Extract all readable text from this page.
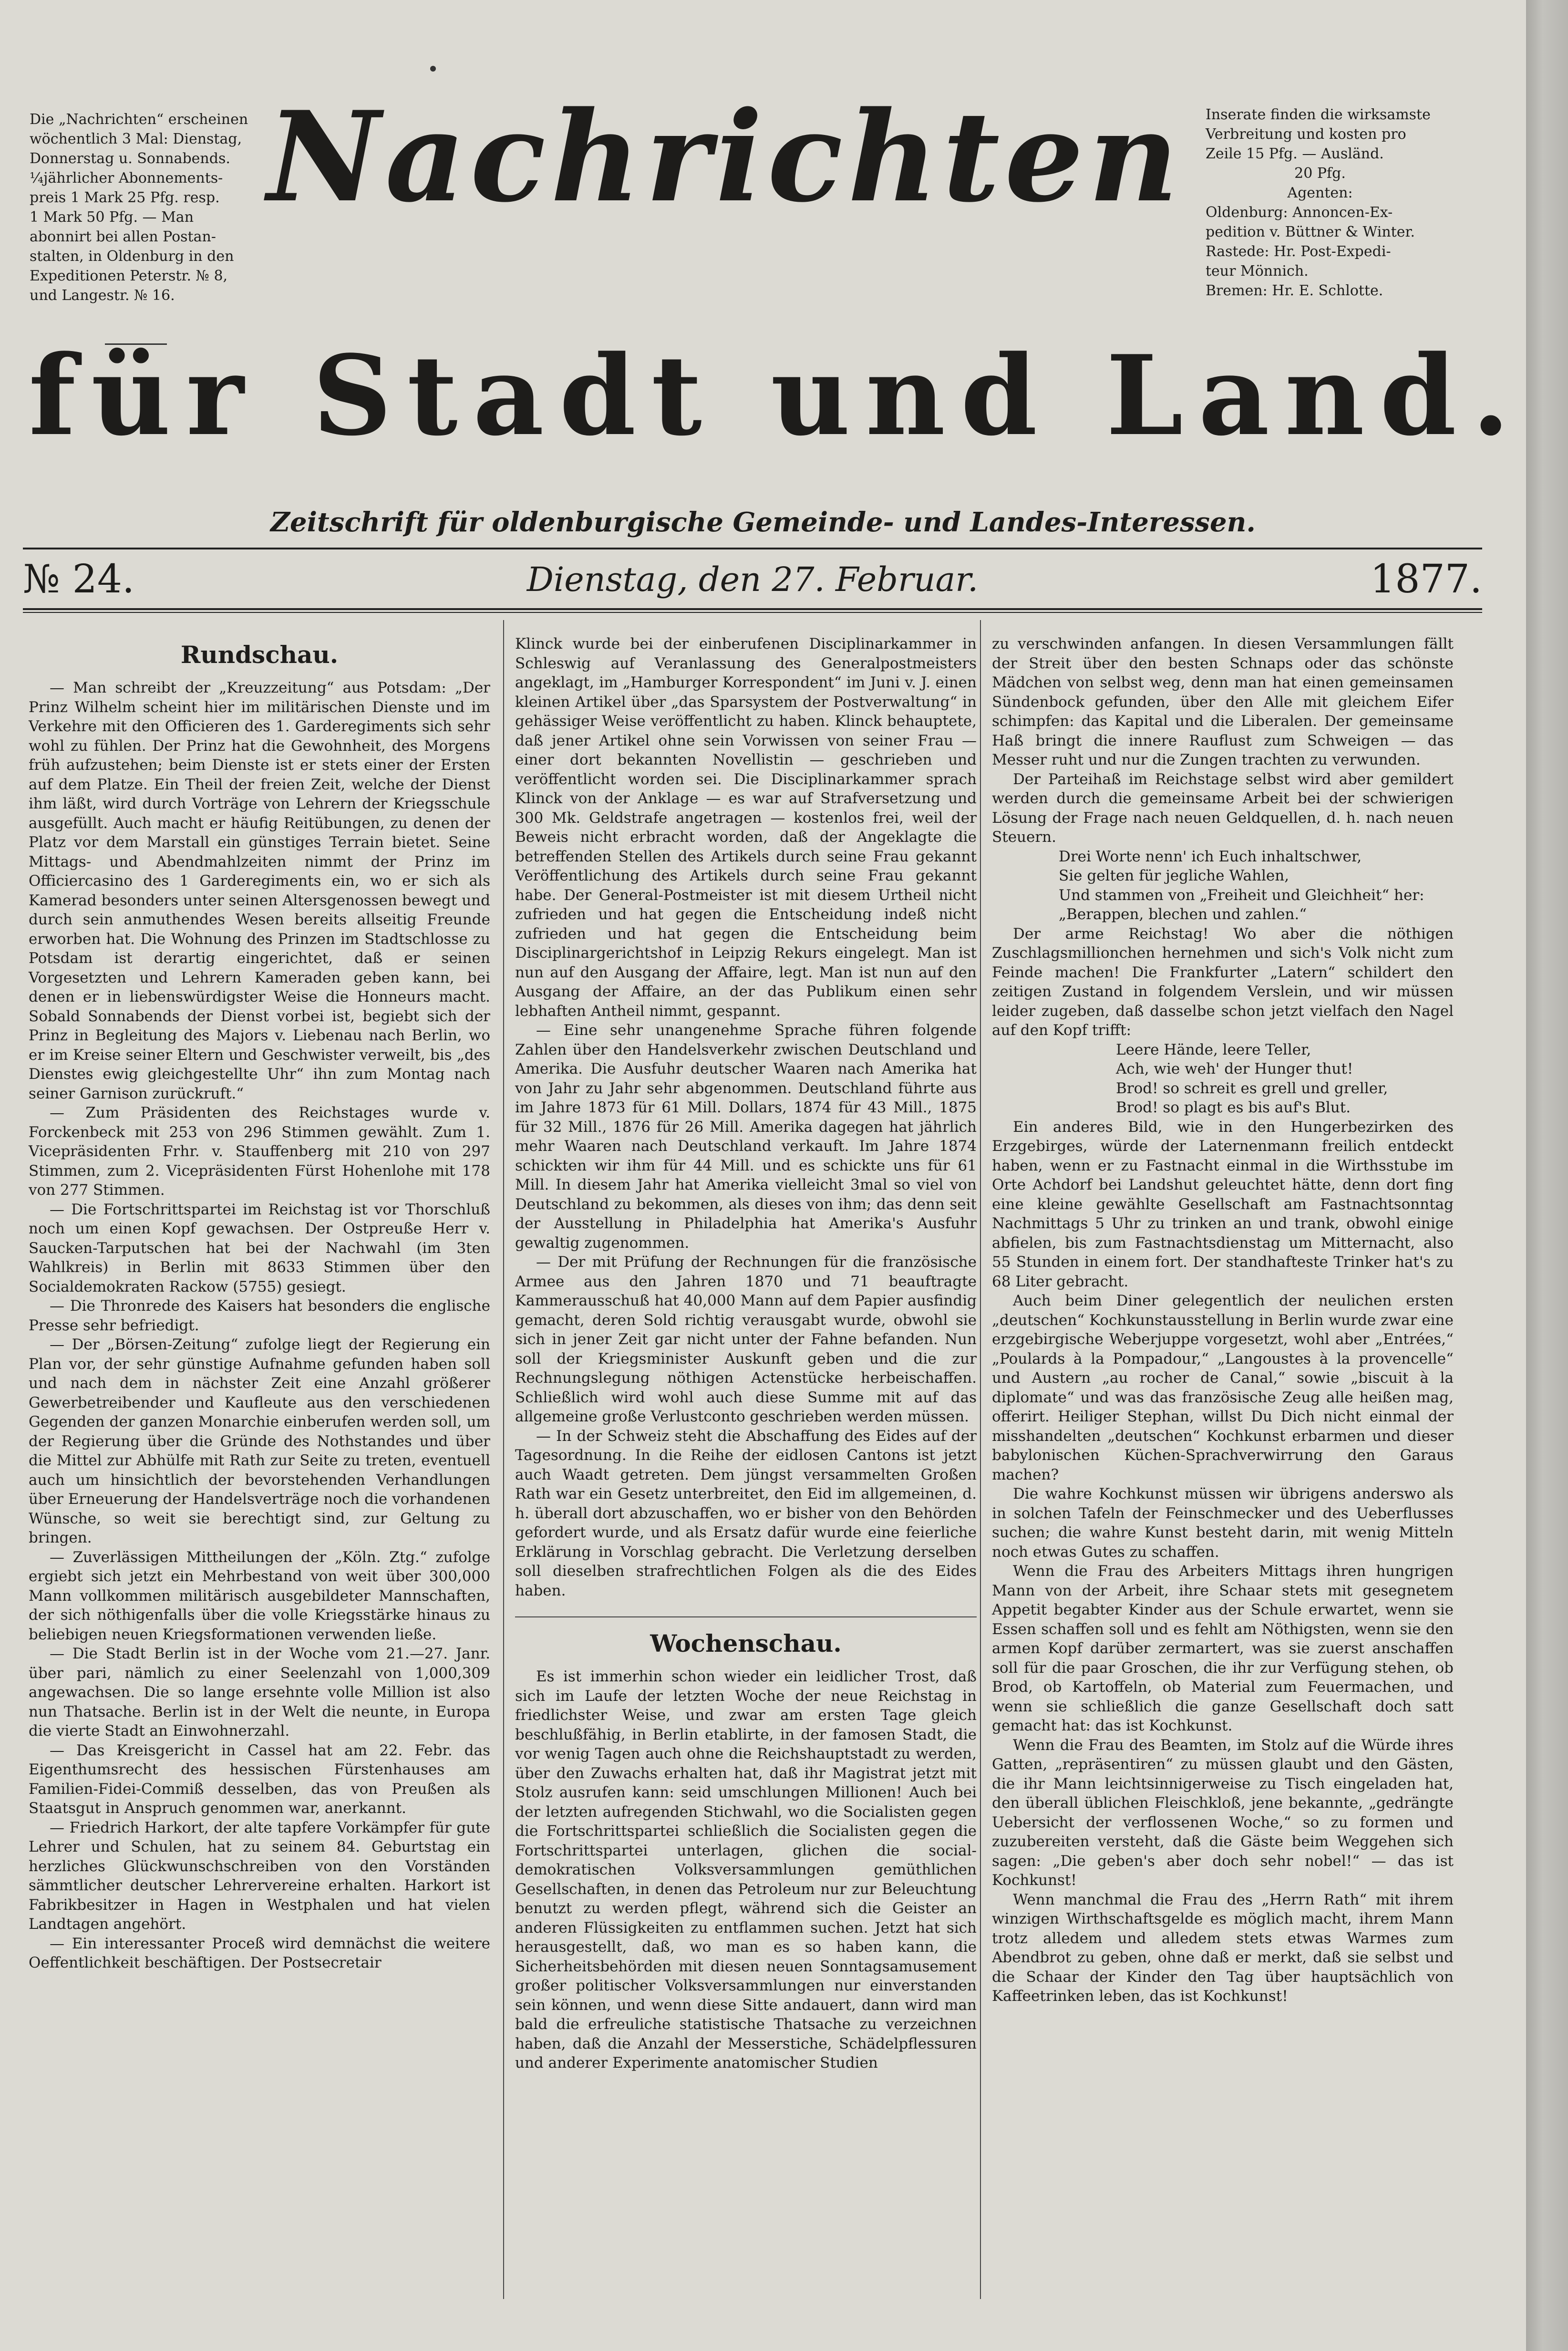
Die „Nachrichten“ erscheinen
wöchentlich 3 Mal: Dienstag,
Donnerstag u. Sonnabends.
¼jährlicher Abonnements-
preis 1 Mark 25 Pfg. resp.
1 Mark 50 Pfg. — Man
abonnirt bei allen Postan-
stalten, in Oldenburg in den
Expeditionen Peterstr. № 8,
und Langestr. № 16.
Inserate finden die wirksamste
Verbreitung und kosten pro
Zeile 15 Pfg. — Ausländ.
20 Pfg.
Agenten:
Oldenburg: Annoncen-Ex-
pedition v. Büttner & Winter.
Rastede: Hr. Post-Expedi-
teur Mönnich.
Bremen: Hr. E. Schlotte.
Nachrichten
für Stadt und Land.
Zeitschrift für oldenburgische Gemeinde- und Landes-Interessen.
№ 24.	Dienstag, den 27. Februar.	1877.
Rundschau.

— Man schreibt der „Kreuzzeitung“ aus Potsdam: „Der Prinz Wilhelm scheint hier im militärischen Dienste und im Verkehre mit den Officieren des 1. Garderegiments sich sehr wohl zu fühlen. Der Prinz hat die Gewohnheit, des Morgens früh aufzustehen; beim Dienste ist er stets einer der Ersten auf dem Platze. Ein Theil der freien Zeit, welche der Dienst ihm läßt, wird durch Vorträge von Lehrern der Kriegsschule ausgefüllt. Auch macht er häufig Reitübungen, zu denen der Platz vor dem Marstall ein günstiges Terrain bietet. Seine Mittags- und Abendmahlzeiten nimmt der Prinz im Officiercasino des 1 Garderegiments ein, wo er sich als Kamerad besonders unter seinen Altersgenossen bewegt und durch sein anmuthendes Wesen bereits allseitig Freunde erworben hat. Die Wohnung des Prinzen im Stadtschlosse zu Potsdam ist derartig eingerichtet, daß er seinen Vorgesetzten und Lehrern Kameraden geben kann, bei denen er in liebenswürdigster Weise die Honneurs macht. Sobald Sonnabends der Dienst vorbei ist, begiebt sich der Prinz in Begleitung des Majors v. Liebenau nach Berlin, wo er im Kreise seiner Eltern und Geschwister verweilt, bis „des Dienstes ewig gleichgestellte Uhr“ ihn zum Montag nach seiner Garnison zurückruft.“

— Zum Präsidenten des Reichstages wurde v. Forckenbeck mit 253 von 296 Stimmen gewählt. Zum 1. Vicepräsidenten Frhr. v. Stauffenberg mit 210 von 297 Stimmen, zum 2. Vicepräsidenten Fürst Hohenlohe mit 178 von 277 Stimmen.

— Die Fortschrittspartei im Reichstag ist vor Thorschluß noch um einen Kopf gewachsen. Der Ostpreuße Herr v. Saucken-Tarputschen hat bei der Nachwahl (im 3ten Wahlkreis) in Berlin mit 8633 Stimmen über den Socialdemokraten Rackow (5755) gesiegt.

— Die Thronrede des Kaisers hat besonders die englische Presse sehr befriedigt.

— Der „Börsen-Zeitung“ zufolge liegt der Regierung ein Plan vor, der sehr günstige Aufnahme gefunden haben soll und nach dem in nächster Zeit eine Anzahl größerer Gewerbetreibender und Kaufleute aus den verschiedenen Gegenden der ganzen Monarchie einberufen werden soll, um der Regierung über die Gründe des Nothstandes und über die Mittel zur Abhülfe mit Rath zur Seite zu treten, eventuell auch um hinsichtlich der bevorstehenden Verhandlungen über Erneuerung der Handelsverträge noch die vorhandenen Wünsche, so weit sie berechtigt sind, zur Geltung zu bringen.

— Zuverlässigen Mittheilungen der „Köln. Ztg.“ zufolge ergiebt sich jetzt ein Mehrbestand von weit über 300,000 Mann vollkommen militärisch ausgebildeter Mannschaften, der sich nöthigenfalls über die volle Kriegsstärke hinaus zu beliebigen neuen Kriegsformationen verwenden ließe.

— Die Stadt Berlin ist in der Woche vom 21.—27. Janr. über pari, nämlich zu einer Seelenzahl von 1,000,309 angewachsen. Die so lange ersehnte volle Million ist also nun Thatsache. Berlin ist in der Welt die neunte, in Europa die vierte Stadt an Einwohnerzahl.

— Das Kreisgericht in Cassel hat am 22. Febr. das Eigenthumsrecht des hessischen Fürstenhauses am Familien-Fidei-Commiß desselben, das von Preußen als Staatsgut in Anspruch genommen war, anerkannt.

— Friedrich Harkort, der alte tapfere Vorkämpfer für gute Lehrer und Schulen, hat zu seinem 84. Geburtstag ein herzliches Glückwunschschreiben von den Vorständen sämmtlicher deutscher Lehrervereine erhalten. Harkort ist Fabrikbesitzer in Hagen in Westphalen und hat vielen Landtagen angehört.

— Ein interessanter Proceß wird demnächst die weitere Oeffentlichkeit beschäftigen. Der Postsecretair

Klinck wurde bei der einberufenen Disciplinarkammer in Schleswig auf Veranlassung des Generalpostmeisters angeklagt, im „Hamburger Korrespondent“ im Juni v. J. einen kleinen Artikel über „das Sparsystem der Postverwaltung“ in gehässiger Weise veröffentlicht zu haben. Klinck behauptete, daß jener Artikel ohne sein Vorwissen von seiner Frau — einer dort bekannten Novellistin — geschrieben und veröffentlicht worden sei. Die Disciplinarkammer sprach Klinck von der Anklage — es war auf Strafversetzung und 300 Mk. Geldstrafe angetragen — kostenlos frei, weil der Beweis nicht erbracht worden, daß der Angeklagte die betreffenden Stellen des Artikels durch seine Frau gekannt Veröffentlichung des Artikels durch seine Frau gekannt habe. Der General-Postmeister ist mit diesem Urtheil nicht zufrieden und hat gegen die Entscheidung indeß nicht zufrieden und hat gegen die Entscheidung beim Disciplinargerichtshof in Leipzig Rekurs eingelegt. Man ist nun auf den Ausgang der Affaire, legt. Man ist nun auf den Ausgang der Affaire, an der das Publikum einen sehr lebhaften Antheil nimmt, gespannt.

— Eine sehr unangenehme Sprache führen folgende Zahlen über den Handelsverkehr zwischen Deutschland und Amerika. Die Ausfuhr deutscher Waaren nach Amerika hat von Jahr zu Jahr sehr abgenommen. Deutschland führte aus im Jahre 1873 für 61 Mill. Dollars, 1874 für 43 Mill., 1875 für 32 Mill., 1876 für 26 Mill. Amerika dagegen hat jährlich mehr Waaren nach Deutschland verkauft. Im Jahre 1874 schickten wir ihm für 44 Mill. und es schickte uns für 61 Mill. In diesem Jahr hat Amerika vielleicht 3mal so viel von Deutschland zu bekommen, als dieses von ihm; das denn seit der Ausstellung in Philadelphia hat Amerika's Ausfuhr gewaltig zugenommen.

— Der mit Prüfung der Rechnungen für die französische Armee aus den Jahren 1870 und 71 beauftragte Kammerausschuß hat 40,000 Mann auf dem Papier ausfindig gemacht, deren Sold richtig verausgabt wurde, obwohl sie sich in jener Zeit gar nicht unter der Fahne befanden. Nun soll der Kriegsminister Auskunft geben und die zur Rechnungslegung nöthigen Actenstücke herbeischaffen. Schließlich wird wohl auch diese Summe mit auf das allgemeine große Verlustconto geschrieben werden müssen.

— In der Schweiz steht die Abschaffung des Eides auf der Tagesordnung. In die Reihe der eidlosen Cantons ist jetzt auch Waadt getreten. Dem jüngst versammelten Großen Rath war ein Gesetz unterbreitet, den Eid im allgemeinen, d. h. überall dort abzuschaffen, wo er bisher von den Behörden gefordert wurde, und als Ersatz dafür wurde eine feierliche Erklärung in Vorschlag gebracht. Die Verletzung derselben soll dieselben strafrechtlichen Folgen als die des Eides haben.

Wochenschau.

Es ist immerhin schon wieder ein leidlicher Trost, daß sich im Laufe der letzten Woche der neue Reichstag in friedlichster Weise, und zwar am ersten Tage gleich beschlußfähig, in Berlin etablirte, in der famosen Stadt, die vor wenig Tagen auch ohne die Reichshauptstadt zu werden, über den Zuwachs erhalten hat, daß ihr Magistrat jetzt mit Stolz ausrufen kann: seid umschlungen Millionen! Auch bei der letzten aufregenden Stichwahl, wo die Socialisten gegen die Fortschrittspartei schließlich die Socialisten gegen die Fortschrittspartei unterlagen, glichen die social-demokratischen Volksversammlungen gemüthlichen Gesellschaften, in denen das Petroleum nur zur Beleuchtung benutzt zu werden pflegt, während sich die Geister an anderen Flüssigkeiten zu entflammen suchen. Jetzt hat sich herausgestellt, daß, wo man es so haben kann, die Sicherheitsbehörden mit diesen neuen Sonntagsamusement großer politischer Volksversammlungen nur einverstanden sein können, und wenn diese Sitte andauert, dann wird man bald die erfreuliche statistische Thatsache zu verzeichnen haben, daß die Anzahl der Messerstiche, Schädelpflessuren und anderer Experimente anatomischer Studien

zu verschwinden anfangen. In diesen Versammlungen fällt der Streit über den besten Schnaps oder das schönste Mädchen von selbst weg, denn man hat einen gemeinsamen Sündenbock gefunden, über den Alle mit gleichem Eifer schimpfen: das Kapital und die Liberalen. Der gemeinsame Haß bringt die innere Rauflust zum Schweigen — das Messer ruht und nur die Zungen trachten zu verwunden.

Der Parteihaß im Reichstage selbst wird aber gemildert werden durch die gemeinsame Arbeit bei der schwierigen Lösung der Frage nach neuen Geldquellen, d. h. nach neuen Steuern.

Drei Worte nenn' ich Euch inhaltschwer,
Sie gelten für jegliche Wahlen,
Und stammen von „Freiheit und Gleichheit“ her:
„Berappen, blechen und zahlen.“

Der arme Reichstag! Wo aber die nöthigen Zuschlagsmillionchen hernehmen und sich's Volk nicht zum Feinde machen! Die Frankfurter „Latern“ schildert den zeitigen Zustand in folgendem Verslein, und wir müssen leider zugeben, daß dasselbe schon jetzt vielfach den Nagel auf den Kopf trifft:

Leere Hände, leere Teller,
Ach, wie weh' der Hunger thut!
Brod! so schreit es grell und greller,
Brod! so plagt es bis auf's Blut.

Ein anderes Bild, wie in den Hungerbezirken des Erzgebirges, würde der Laternenmann freilich entdeckt haben, wenn er zu Fastnacht einmal in die Wirthsstube im Orte Achdorf bei Landshut geleuchtet hätte, denn dort fing eine kleine gewählte Gesellschaft am Fastnachtsonntag Nachmittags 5 Uhr zu trinken an und trank, obwohl einige abfielen, bis zum Fastnachtsdienstag um Mitternacht, also 55 Stunden in einem fort. Der standhafteste Trinker hat's zu 68 Liter gebracht.

Auch beim Diner gelegentlich der neulichen ersten „deutschen“ Kochkunstausstellung in Berlin wurde zwar eine erzgebirgische Weberjuppe vorgesetzt, wohl aber „Entrées,“ „Poulards à la Pompadour,“ „Langoustes à la provencelle“ und Austern „au rocher de Canal,“ sowie „biscuit à la diplomate“ und was das französische Zeug alle heißen mag, offerirt. Heiliger Stephan, willst Du Dich nicht einmal der misshandelten „deutschen“ Kochkunst erbarmen und dieser babylonischen Küchen-Sprachverwirrung den Garaus machen?

Die wahre Kochkunst müssen wir übrigens anderswo als in solchen Tafeln der Feinschmecker und des Ueberflusses suchen; die wahre Kunst besteht darin, mit wenig Mitteln noch etwas Gutes zu schaffen.

Wenn die Frau des Arbeiters Mittags ihren hungrigen Mann von der Arbeit, ihre Schaar stets mit gesegnetem Appetit begabter Kinder aus der Schule erwartet, wenn sie Essen schaffen soll und es fehlt am Nöthigsten, wenn sie den armen Kopf darüber zermartert, was sie zuerst anschaffen soll für die paar Groschen, die ihr zur Verfügung stehen, ob Brod, ob Kartoffeln, ob Material zum Feuermachen, und wenn sie schließlich die ganze Gesellschaft doch satt gemacht hat: das ist Kochkunst.

Wenn die Frau des Beamten, im Stolz auf die Würde ihres Gatten, „repräsentiren“ zu müssen glaubt und den Gästen, die ihr Mann leichtsinnigerweise zu Tisch eingeladen hat, den überall üblichen Fleischkloß, jene bekannte, „gedrängte Uebersicht der verflossenen Woche,“ so zu formen und zuzubereiten versteht, daß die Gäste beim Weggehen sich sagen: „Die geben's aber doch sehr nobel!“ — das ist Kochkunst!

Wenn manchmal die Frau des „Herrn Rath“ mit ihrem winzigen Wirthschaftsgelde es möglich macht, ihrem Mann trotz alledem und alledem stets etwas Warmes zum Abendbrot zu geben, ohne daß er merkt, daß sie selbst und die Schaar der Kinder den Tag über hauptsächlich von Kaffeetrinken leben, das ist Kochkunst!
